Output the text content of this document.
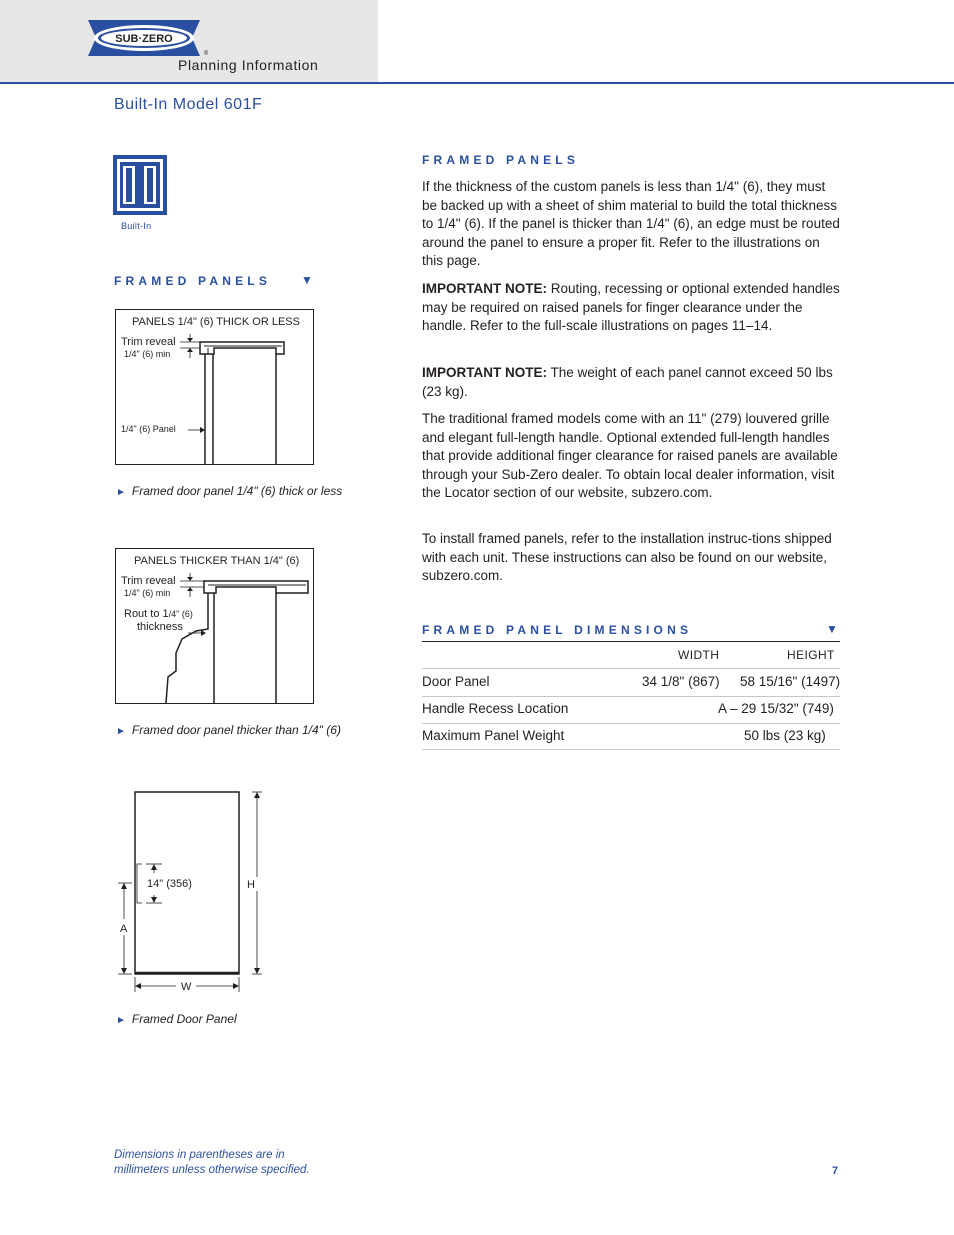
SUB·ZERO
®
Planning Information
Built-In Model 601F
Built-In
FRAMED PANELS ▼
PANELS 1/4" (6) THICK OR LESS
Trim reveal
1/4" (6) min
1/4" (6) Panel
► Framed door panel 1/4" (6) thick or less
PANELS THICKER THAN 1/4" (6)
Trim reveal
1/4" (6) min
Rout to 1/4" (6)
thickness
► Framed door panel thicker than 1/4" (6)
14" (356)	H
A
W
► Framed Door Panel
FRAMED PANELS
If the thickness of the custom panels is less than 1/4" (6), they must be backed up with a sheet of shim material to build the total thickness to 1/4" (6). If the panel is thicker than 1/4" (6), an edge must be routed around the panel to ensure a proper fit. Refer to the illustrations on this page.
IMPORTANT NOTE: Routing, recessing or optional extended handles may be required on raised panels for finger clearance under the handle. Refer to the full-scale illustrations on pages 11–14.
IMPORTANT NOTE: The weight of each panel cannot exceed 50 lbs (23 kg).
The traditional framed models come with an 11" (279) louvered grille and elegant full-length handle. Optional extended full-length handles that provide additional finger clearance for raised panels are available through your Sub-Zero dealer. To obtain local dealer information, visit the Locator section of our website, subzero.com.
To install framed panels, refer to the installation instruc-tions shipped with each unit. These instructions can also be found on our website, subzero.com.
FRAMED PANEL DIMENSIONS	▼
WIDTH	HEIGHT
Door Panel	34 1/8" (867) 58 15/16" (1497)
Handle Recess Location	A – 29 15/32" (749)
Maximum Panel Weight	50 lbs (23 kg)
Dimensions in parentheses are in
millimeters unless otherwise specified.	7
